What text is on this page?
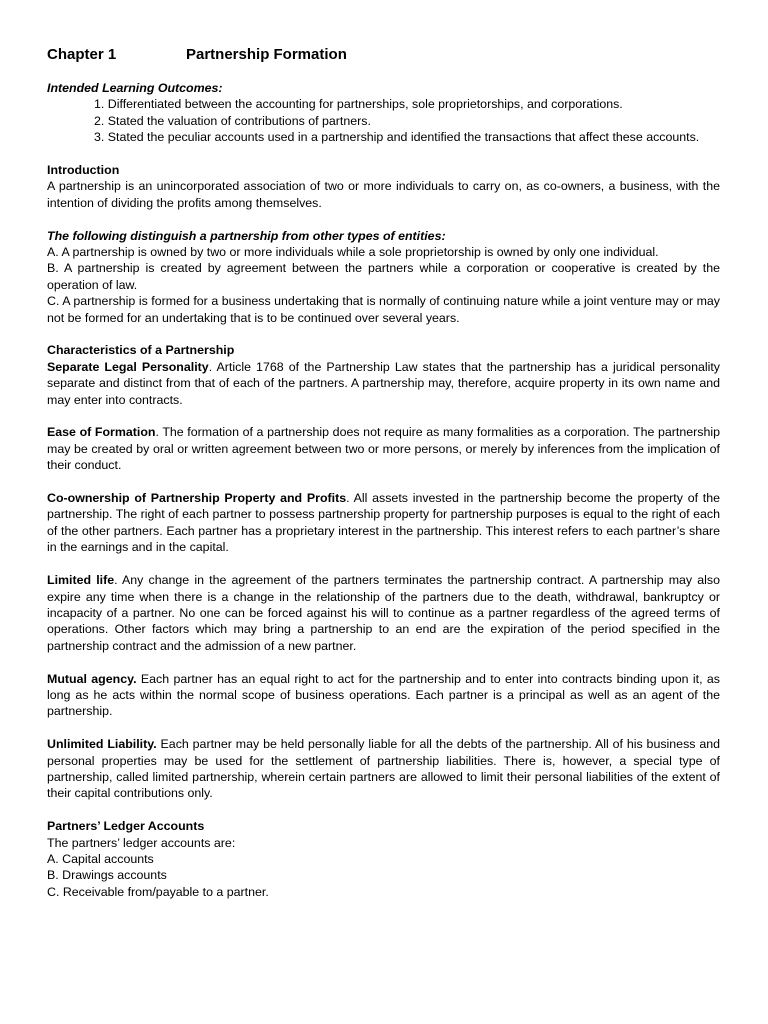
Chapter 1	Partnership Formation

Intended Learning Outcomes:

1. Differentiated between the accounting for partnerships, sole proprietorships, and corporations.

2. Stated the valuation of contributions of partners.

3. Stated the peculiar accounts used in a partnership and identified the transactions that affect these accounts.

Introduction

A partnership is an unincorporated association of two or more individuals to carry on, as co-owners, a business, with the intention of dividing the profits among themselves.

The following distinguish a partnership from other types of entities:

A. A partnership is owned by two or more individuals while a sole proprietorship is owned by only one individual.

B. A partnership is created by agreement between the partners while a corporation or cooperative is created by the operation of law.

C. A partnership is formed for a business undertaking that is normally of continuing nature while a joint venture may or may not be formed for an undertaking that is to be continued over several years.

Characteristics of a Partnership

Separate Legal Personality. Article 1768 of the Partnership Law states that the partnership has a juridical personality separate and distinct from that of each of the partners. A partnership may, therefore, acquire property in its own name and may enter into contracts.

Ease of Formation. The formation of a partnership does not require as many formalities as a corporation. The partnership may be created by oral or written agreement between two or more persons, or merely by inferences from the implication of their conduct.

Co-ownership of Partnership Property and Profits. All assets invested in the partnership become the property of the partnership. The right of each partner to possess partnership property for partnership purposes is equal to the right of each of the other partners. Each partner has a proprietary interest in the partnership. This interest refers to each partner’s share in the earnings and in the capital.

Limited life. Any change in the agreement of the partners terminates the partnership contract. A partnership may also expire any time when there is a change in the relationship of the partners due to the death, withdrawal, bankruptcy or incapacity of a partner. No one can be forced against his will to continue as a partner regardless of the agreed terms of operations. Other factors which may bring a partnership to an end are the expiration of the period specified in the partnership contract and the admission of a new partner.

Mutual agency. Each partner has an equal right to act for the partnership and to enter into contracts binding upon it, as long as he acts within the normal scope of business operations. Each partner is a principal as well as an agent of the partnership.

Unlimited Liability. Each partner may be held personally liable for all the debts of the partnership. All of his business and personal properties may be used for the settlement of partnership liabilities. There is, however, a special type of partnership, called limited partnership, wherein certain partners are allowed to limit their personal liabilities of the extent of their capital contributions only.

Partners’ Ledger Accounts

The partners’ ledger accounts are:

A. Capital accounts

B. Drawings accounts

C. Receivable from/payable to a partner.
